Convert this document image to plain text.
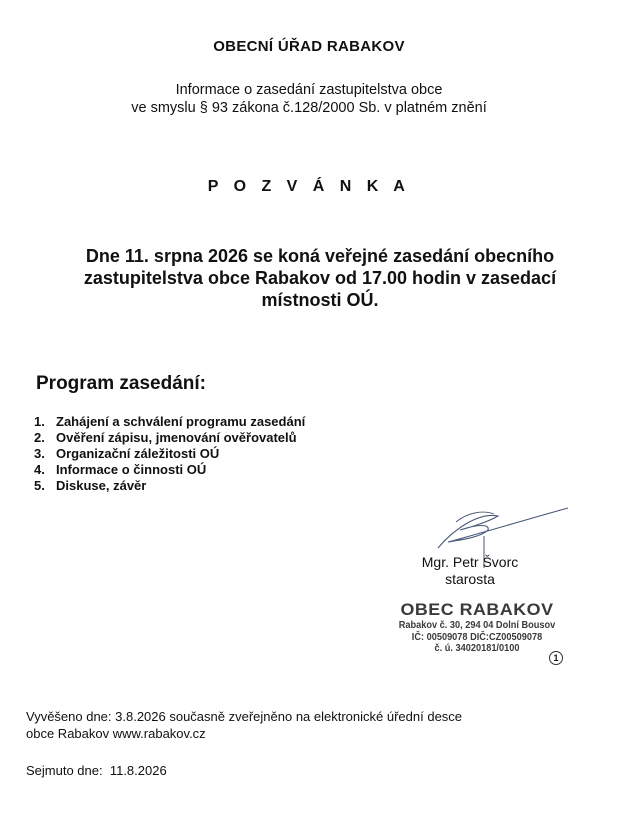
OBECNÍ ÚŘAD RABAKOV
Informace o zasedání zastupitelstva obce
ve smyslu § 93 zákona č.128/2000 Sb. v platném znění
P O Z V Á N K A
Dne 11. srpna 2026 se koná veřejné zasedání obecního zastupitelstva obce Rabakov od 17.00 hodin v zasedací místnosti OÚ.
Program zasedání:
1. Zahájení a schválení programu zasedání
2. Ověření zápisu, jmenování ověřovatelů
3. Organizační záležitosti OÚ
4. Informace o činnosti OÚ
5. Diskuse, závěr
Mgr. Petr Švorc
starosta
OBEC RABAKOV
Rabakov č. 30, 294 04 Dolní Bousov
IČ: 00509078 DIČ:CZ00509078
č. ú. 34020181/0100
1
Vyvěšeno dne: 3.8.2026 současně zveřejněno na elektronické úřední desce
obce Rabakov www.rabakov.cz
Sejmuto dne:  11.8.2026
